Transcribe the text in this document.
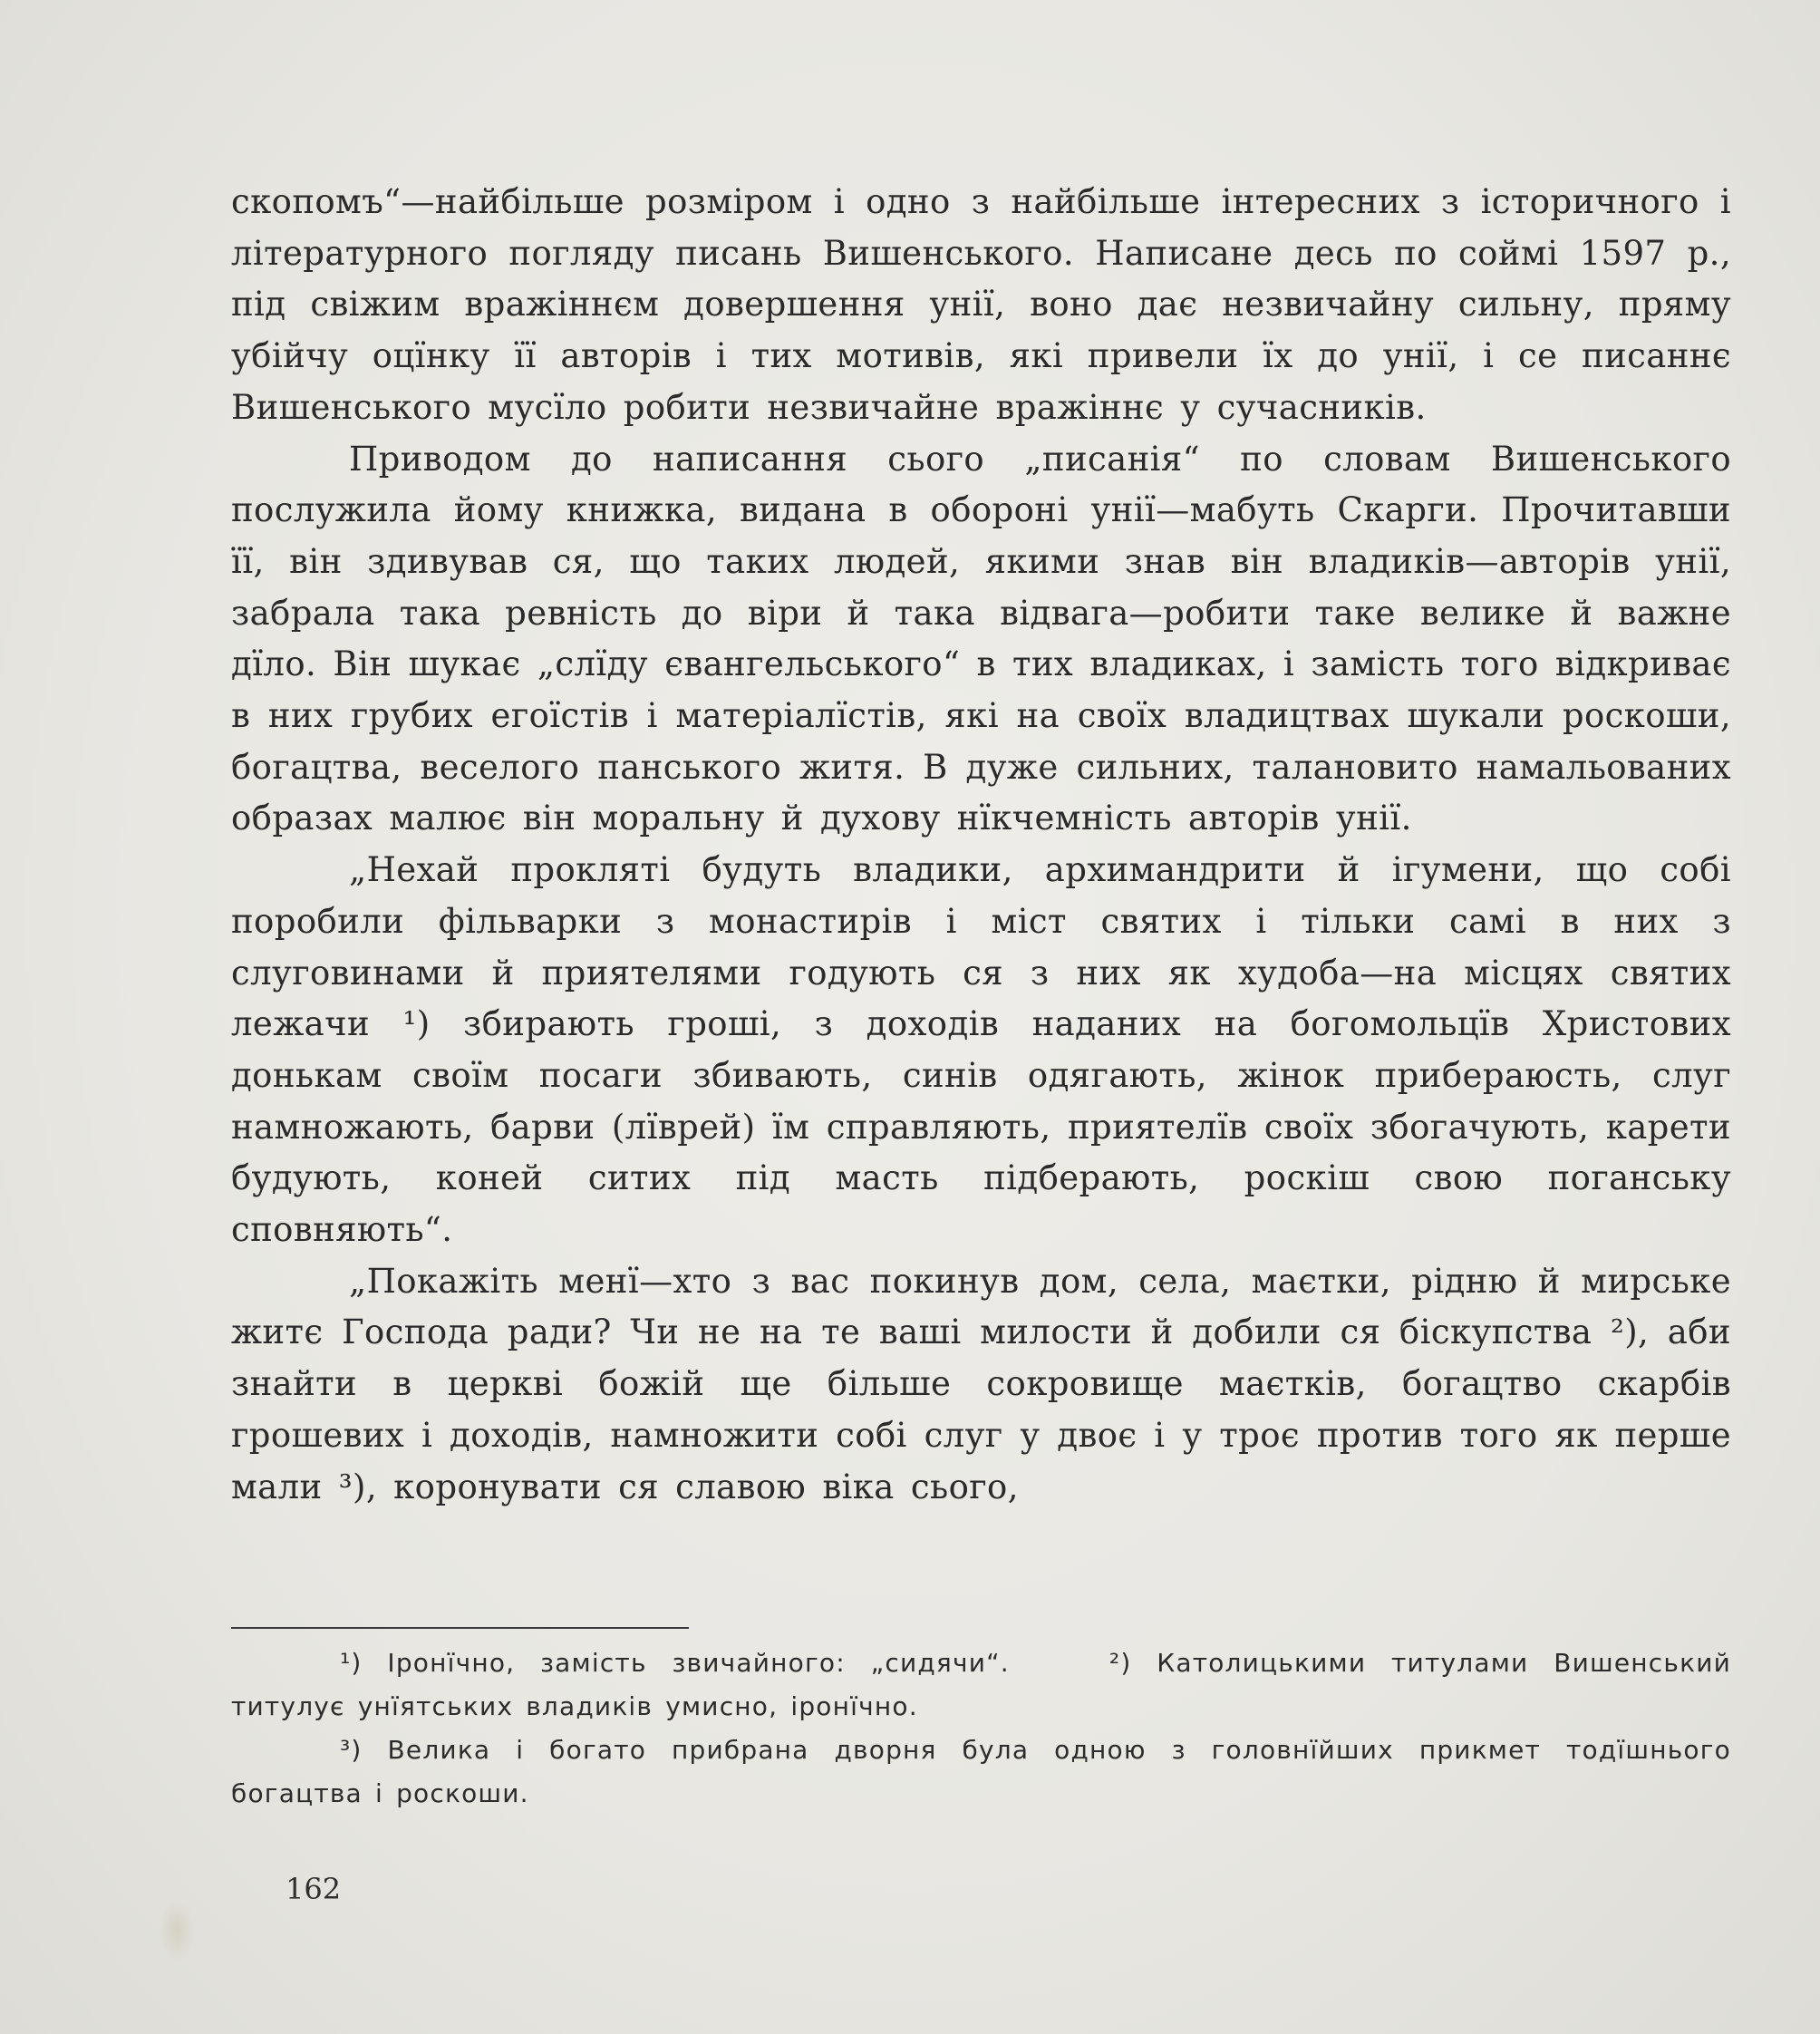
скопомъ“—найбільше розміром і одно з найбільше інтересних з історичного і літературного погляду писань Вишенського. Написане десь по соймі 1597 р., під свіжим вражіннєм довершення унії, воно дає незвичайну сильну, пряму убійчу оцїнку її авторів і тих мотивів, які привели їх до унії, і се писаннє Вишенського мусїло робити незвичайне вражіннє у сучасників.

Приводом до написання сього „писанія“ по словам Вишенського послужила йому книжка, видана в обороні унії—мабуть Скарги. Прочитавши її, він здивував ся, що таких людей, якими знав він владиків—авторів унії, забрала така ревність до віри й така відвага—робити таке велике й важне дїло. Він шукає „слїду євангельського“ в тих владиках, і замість того відкриває в них грубих егоїстів і матеріалїстів, які на своїх владицтвах шукали роскоши, богацтва, веселого панського житя. В дуже сильних, талановито намальованих образах малює він моральну й духову нїкчемність авторів унії.

„Нехай прокляті будуть владики, архимандрити й ігумени, що собі поробили фільварки з монастирів і міст святих і тільки самі в них з слуговинами й приятелями годують ся з них як худоба—на місцях святих лежачи ¹) збирають гроші, з доходів наданих на богомольцїв Христових донькам своїм посаги збивають, синів одягають, жінок прибераюсть, слуг намножають, барви (лїврей) їм справляють, приятелїв своїх збогачують, карети будують, коней ситих під масть підберають, роскіш свою поганську сповняють“.

„Покажіть менї—хто з вас покинув дом, села, маєтки, рідню й мирське житє Господа ради? Чи не на те ваші милости й добили ся біскупства ²), аби знайти в церкві божій ще більше сокровище маєтків, богацтво скарбів грошевих і доходів, намножити собі слуг у двоє і у троє против того як перше мали ³), коронувати ся славою віка сього,

¹) Іронїчно, замість звичайного: „сидячи“.	²) Католицькими титулами Вишенський титулує унїятських владиків умисно, іронїчно.

³) Велика і богато прибрана дворня була одною з головнїйших прикмет тодїшнього богацтва і роскоши.

162
